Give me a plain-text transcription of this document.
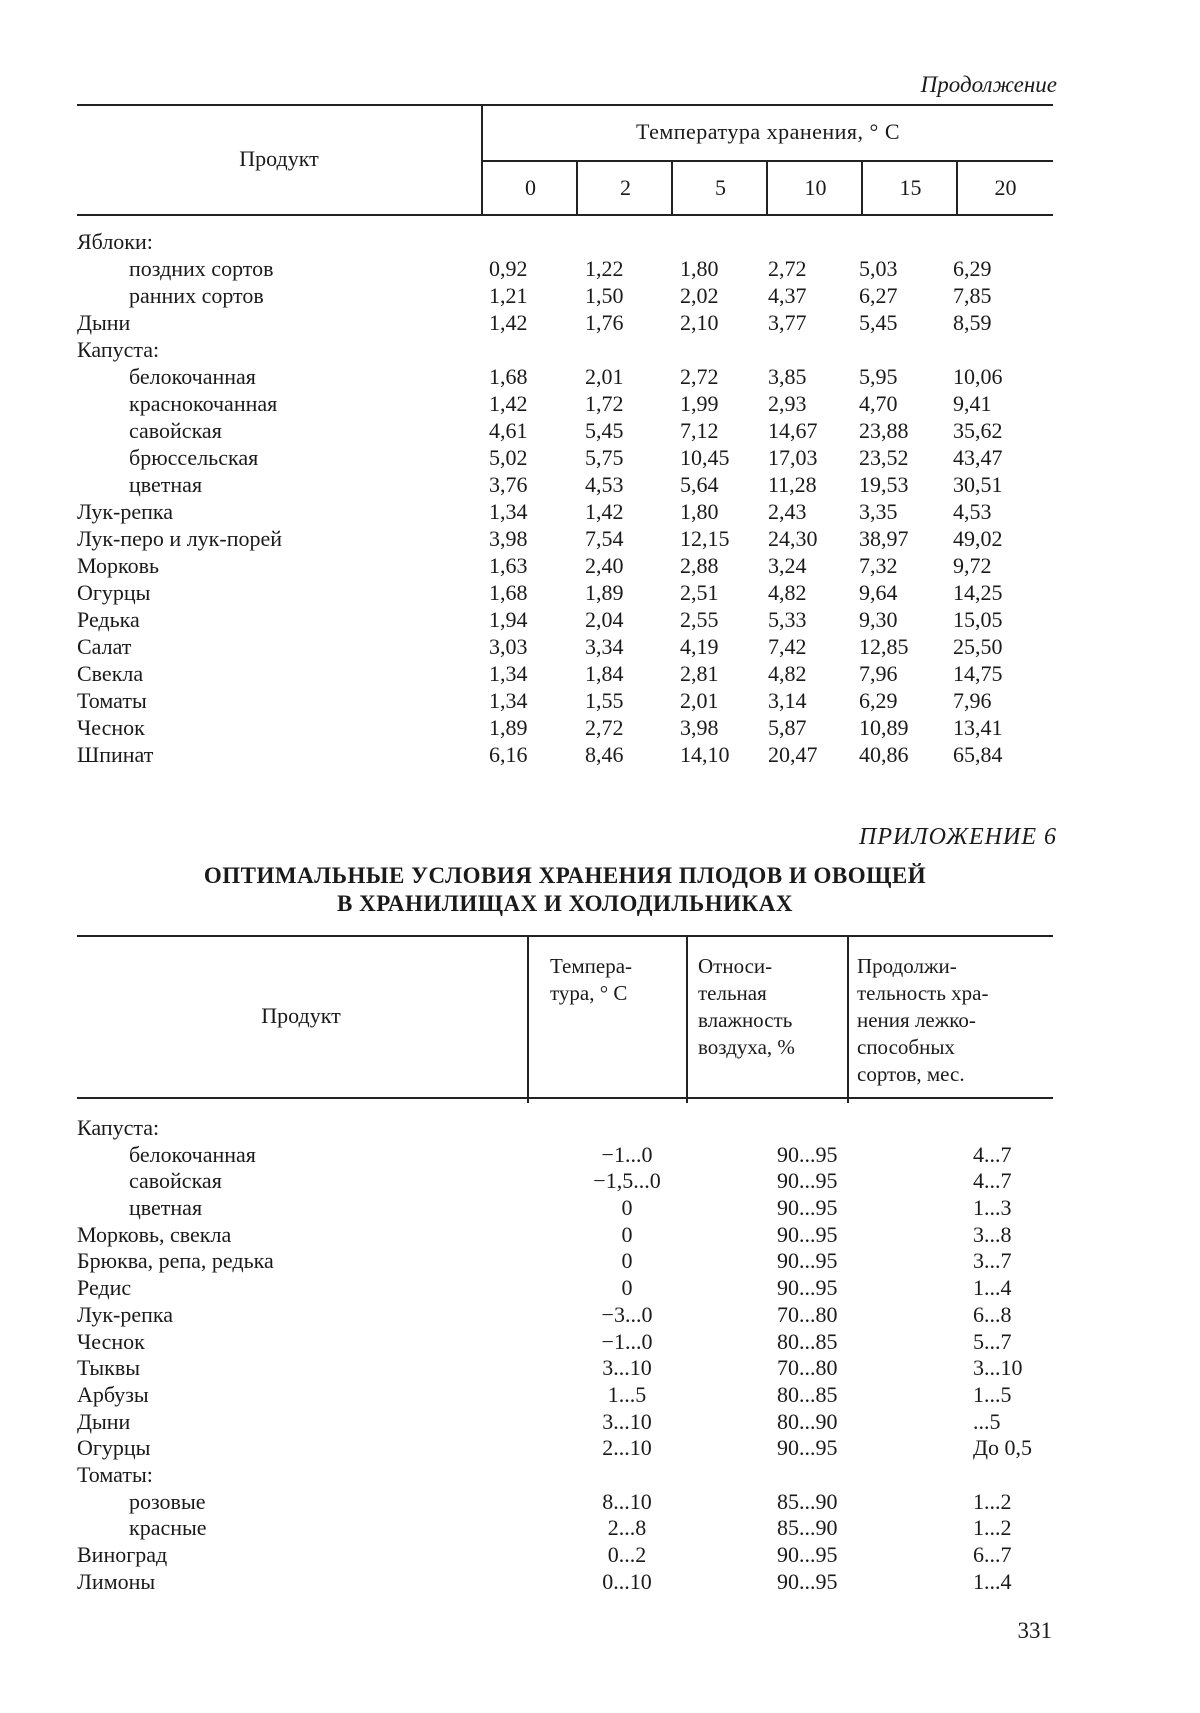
Продолжение
Продукт
Температура хранения, ° С
0	2	5	10	15	20
Яблоки:
поздних сортов	0,92	1,22	1,80 2,72 5,03	6,29
ранних сортов	1,21	1,50	2,02 4,37 6,27	7,85
Дыни	1,42	1,76	2,10 3,77 5,45	8,59
Капуста:
белокочанная	1,68	2,01	2,72 3,85 5,95	10,06
краснокочанная	1,42	1,72	1,99 2,93 4,70	9,41
савойская	4,61	5,45	7,12 14,67 23,88 35,62
брюссельская	5,02	5,75	10,45 17,03 23,52 43,47
цветная	3,76	4,53	5,64 11,28 19,53 30,51
Лук-репка	1,34	1,42	1,80 2,43 3,35	4,53
Лук-перо и лук-порей	3,98	7,54	12,15 24,30 38,97 49,02
Морковь	1,63	2,40	2,88 3,24 7,32	9,72
Огурцы	1,68	1,89	2,51 4,82 9,64	14,25
Редька	1,94	2,04	2,55 5,33 9,30	15,05
Салат	3,03	3,34	4,19 7,42 12,85 25,50
Свекла	1,34	1,84	2,81 4,82 7,96	14,75
Томаты	1,34	1,55	2,01 3,14 6,29	7,96
Чеснок	1,89	2,72	3,98 5,87 10,89 13,41
Шпинат	6,16	8,46	14,10 20,47 40,86 65,84
ПРИЛОЖЕНИЕ 6
ОПТИМАЛЬНЫЕ УСЛОВИЯ ХРАНЕНИЯ ПЛОДОВ И ОВОЩЕЙ
В ХРАНИЛИЩАХ И ХОЛОДИЛЬНИКАХ
Продукт
Темпера-
тура, ° С
Относи-
тельная
влажность
воздуха, %
Продолжи-
тельность хра-
нения лежко-
способных
сортов, мес.
Капуста:
белокочанная	−1...0	90...95	4...7
савойская	−1,5...0	90...95	4...7
цветная	0	90...95	1...3
Морковь, свекла	0	90...95	3...8
Брюква, репа, редька	0	90...95	3...7
Редис	0	90...95	1...4
Лук-репка	−3...0	70...80	6...8
Чеснок	−1...0	80...85	5...7
Тыквы	3...10	70...80	3...10
Арбузы	1...5	80...85	1...5
Дыни	3...10	80...90	...5
Огурцы	2...10	90...95	До 0,5
Томаты:
розовые	8...10	85...90	1...2
красные	2...8	85...90	1...2
Виноград	0...2	90...95	6...7
Лимоны	0...10	90...95	1...4
331
